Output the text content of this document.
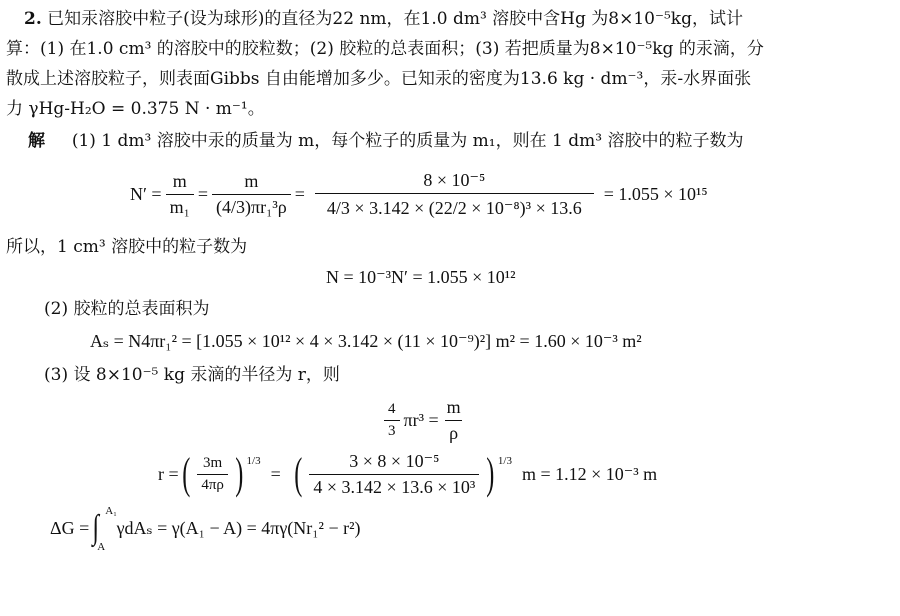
2. 已知汞溶胶中粒子(设为球形)的直径为22 nm，在1.0 dm³ 溶胶中含Hg 为8×10⁻⁵kg，试计
算：(1) 在1.0 cm³ 的溶胶中的胶粒数；(2) 胶粒的总表面积；(3) 若把质量为8×10⁻⁵kg 的汞滴，分
散成上述溶胶粒子，则表面Gibbs 自由能增加多少。已知汞的密度为13.6 kg · dm⁻³，汞-水界面张
力 γHg-H₂O = 0.375 N · m⁻¹。
解 (1) 1 dm³ 溶胶中汞的质量为 m，每个粒子的质量为 m₁，则在 1 dm³ 溶胶中的粒子数为
$N' = \frac{m}{\text{m₁}} = \frac{m}{\text{(4/3)πr₁³ρ}} = \frac{\text{8 × 10⁻⁵}}{\text{4/3 × 3.142 × (22/2 × 10⁻⁸)³ × 13.6}} = 1.055 \times 10^{15}$
所以，1 cm³ 溶胶中的粒子数为
N = 10⁻³N′ = 1.055 × 10¹²
(2) 胶粒的总表面积为
Aₛ = N4πr₁² = [1.055 × 10¹² × 4 × 3.142 × (11 × 10⁻⁹)²] m² = 1.60 × 10⁻³ m²
(3) 设 8×10⁻⁵ kg 汞滴的半径为 r，则
$\frac{4}{3} \pi r^3 = \frac{m}{\rho}$
r = ( $\frac{3m}{4\pi\rho}$ ) 1/3
= ( $\frac{\text{3 × 8 × 10⁻⁵}}{\text{4 × 3.142 × 13.6 × 10³}}$ ) 1/3
m = 1.12 × 10⁻³ m
ΔG = ∫ A₁
A
γdAₛ = γ(A₁ − A) = 4πγ(Nr₁² − r²)
